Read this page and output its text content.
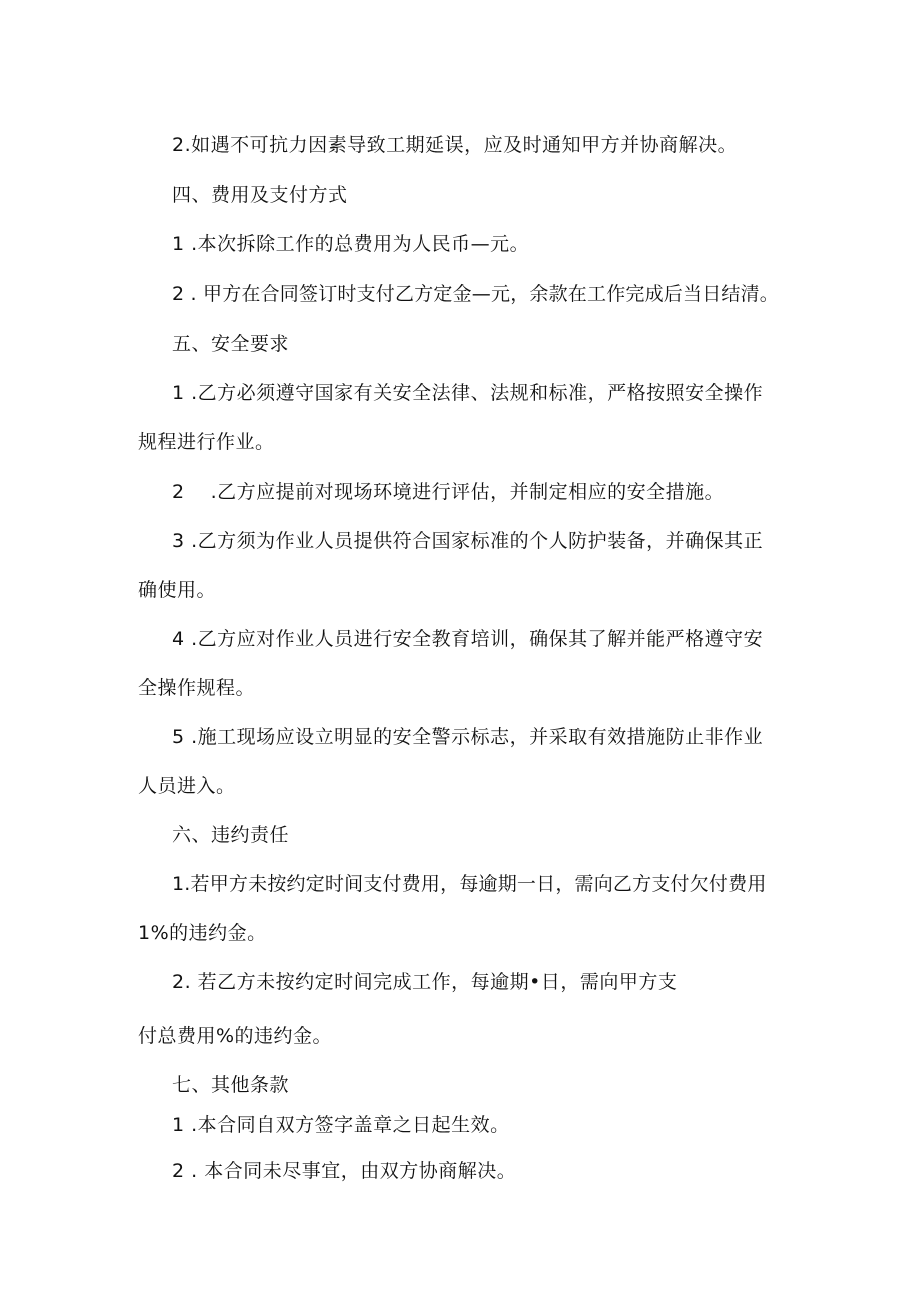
2.如遇不可抗力因素导致工期延误，应及时通知甲方并协商解决。
四、费用及支付方式
1 .本次拆除工作的总费用为人民币—元。
2 . 甲方在合同签订时支付乙方定金—元，余款在工作完成后当日结清。
五、安全要求
1 .乙方必须遵守国家有关安全法律、法规和标准，严格按照安全操作
规程进行作业。
2　 .乙方应提前对现场环境进行评估，并制定相应的安全措施。
3 .乙方须为作业人员提供符合国家标准的个人防护装备，并确保其正
确使用。
4 .乙方应对作业人员进行安全教育培训，确保其了解并能严格遵守安
全操作规程。
5 .施工现场应设立明显的安全警示标志，并采取有效措施防止非作业
人员进入。
六、违约责任
1.若甲方未按约定时间支付费用，每逾期一日，需向乙方支付欠付费用
1%的违约金。
2. 若乙方未按约定时间完成工作，每逾期•日，需向甲方支
付总费用%的违约金。
七、其他条款
1 .本合同自双方签字盖章之日起生效。
2 . 本合同未尽事宜，由双方协商解决。
